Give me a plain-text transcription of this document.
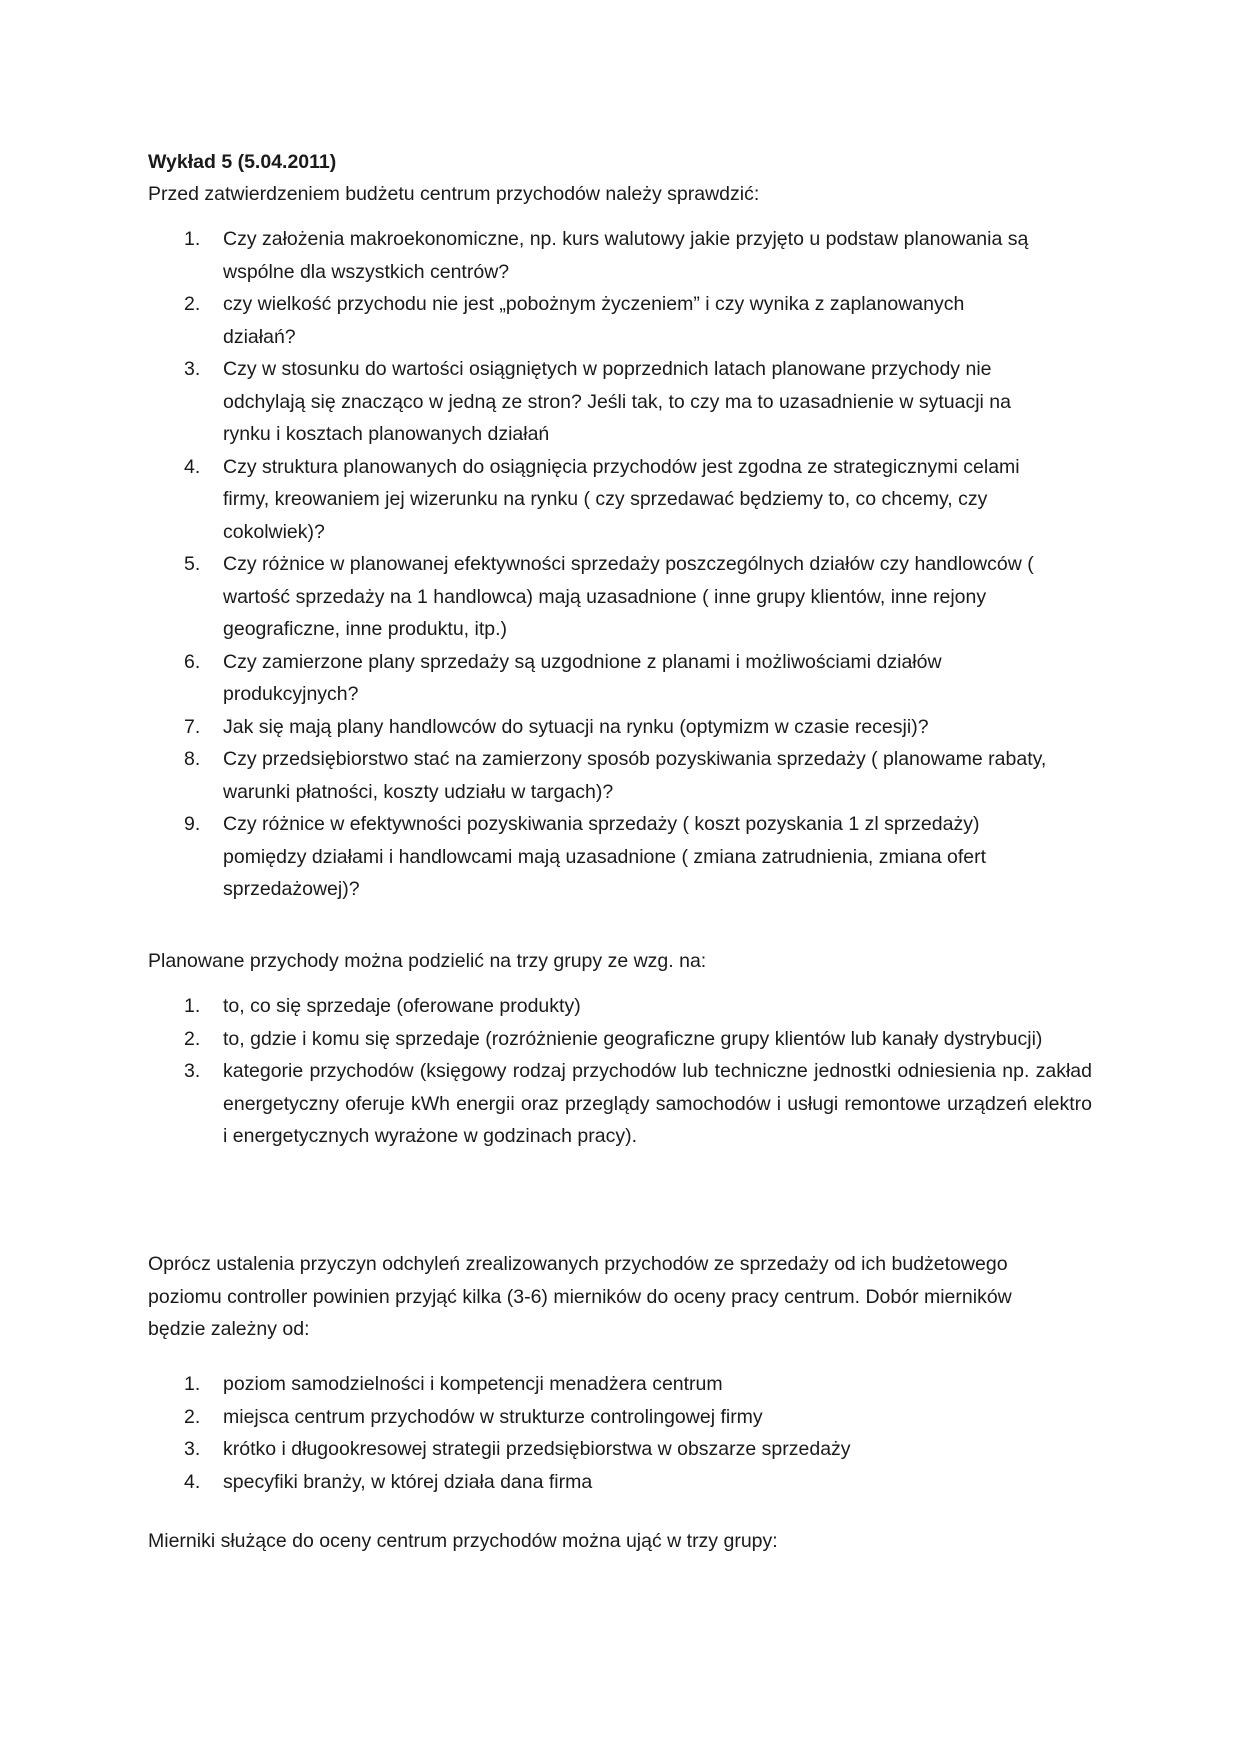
Wykład 5 (5.04.2011)

Przed zatwierdzeniem budżetu centrum przychodów należy sprawdzić:

1. Czy założenia makroekonomiczne, np. kurs walutowy jakie przyjęto u podstaw planowania są wspólne dla wszystkich centrów?
2. czy wielkość przychodu nie jest „pobożnym życzeniem” i czy wynika z zaplanowanych działań?
3. Czy w stosunku do wartości osiągniętych w poprzednich latach planowane przychody nie odchylają się znacząco w jedną ze stron? Jeśli tak, to czy ma to uzasadnienie w sytuacji na rynku i kosztach planowanych działań
4. Czy struktura planowanych do osiągnięcia przychodów jest zgodna ze strategicznymi celami firmy, kreowaniem jej wizerunku na rynku ( czy sprzedawać będziemy to, co chcemy, czy cokolwiek)?
5. Czy różnice w planowanej efektywności sprzedaży poszczególnych działów czy handlowców ( wartość sprzedaży na 1 handlowca) mają uzasadnione ( inne grupy klientów, inne rejony geograficzne, inne produktu, itp.)
6. Czy zamierzone plany sprzedaży są uzgodnione z planami i możliwościami działów produkcyjnych?
7. Jak się mają plany handlowców do sytuacji na rynku (optymizm w czasie recesji)?
8. Czy przedsiębiorstwo stać na zamierzony sposób pozyskiwania sprzedaży ( planowame rabaty, warunki płatności, koszty udziału w targach)?
9. Czy różnice w efektywności pozyskiwania sprzedaży ( koszt pozyskania 1 zl sprzedaży) pomiędzy działami i handlowcami mają uzasadnione ( zmiana zatrudnienia, zmiana ofert sprzedażowej)?

Planowane przychody można podzielić na trzy grupy ze wzg. na:

1. to, co się sprzedaje (oferowane produkty)
2. to, gdzie i komu się sprzedaje (rozróżnienie geograficzne grupy klientów lub kanały dystrybucji)
3. kategorie przychodów (księgowy rodzaj przychodów lub techniczne jednostki odniesienia np. zakład energetyczny oferuje kWh energii oraz przeglądy samochodów i usługi remontowe urządzeń elektro i energetycznych wyrażone w godzinach pracy).

Oprócz ustalenia przyczyn odchyleń zrealizowanych przychodów ze sprzedaży od ich budżetowego poziomu controller powinien przyjąć kilka (3-6) mierników do oceny pracy centrum. Dobór mierników będzie zależny od:

1. poziom samodzielności i kompetencji menadżera centrum
2. miejsca centrum przychodów w strukturze controlingowej firmy
3. krótko i długookresowej strategii przedsiębiorstwa w obszarze sprzedaży
4. specyfiki branży, w której działa dana firma

Mierniki służące do oceny centrum przychodów można ująć w trzy grupy:
